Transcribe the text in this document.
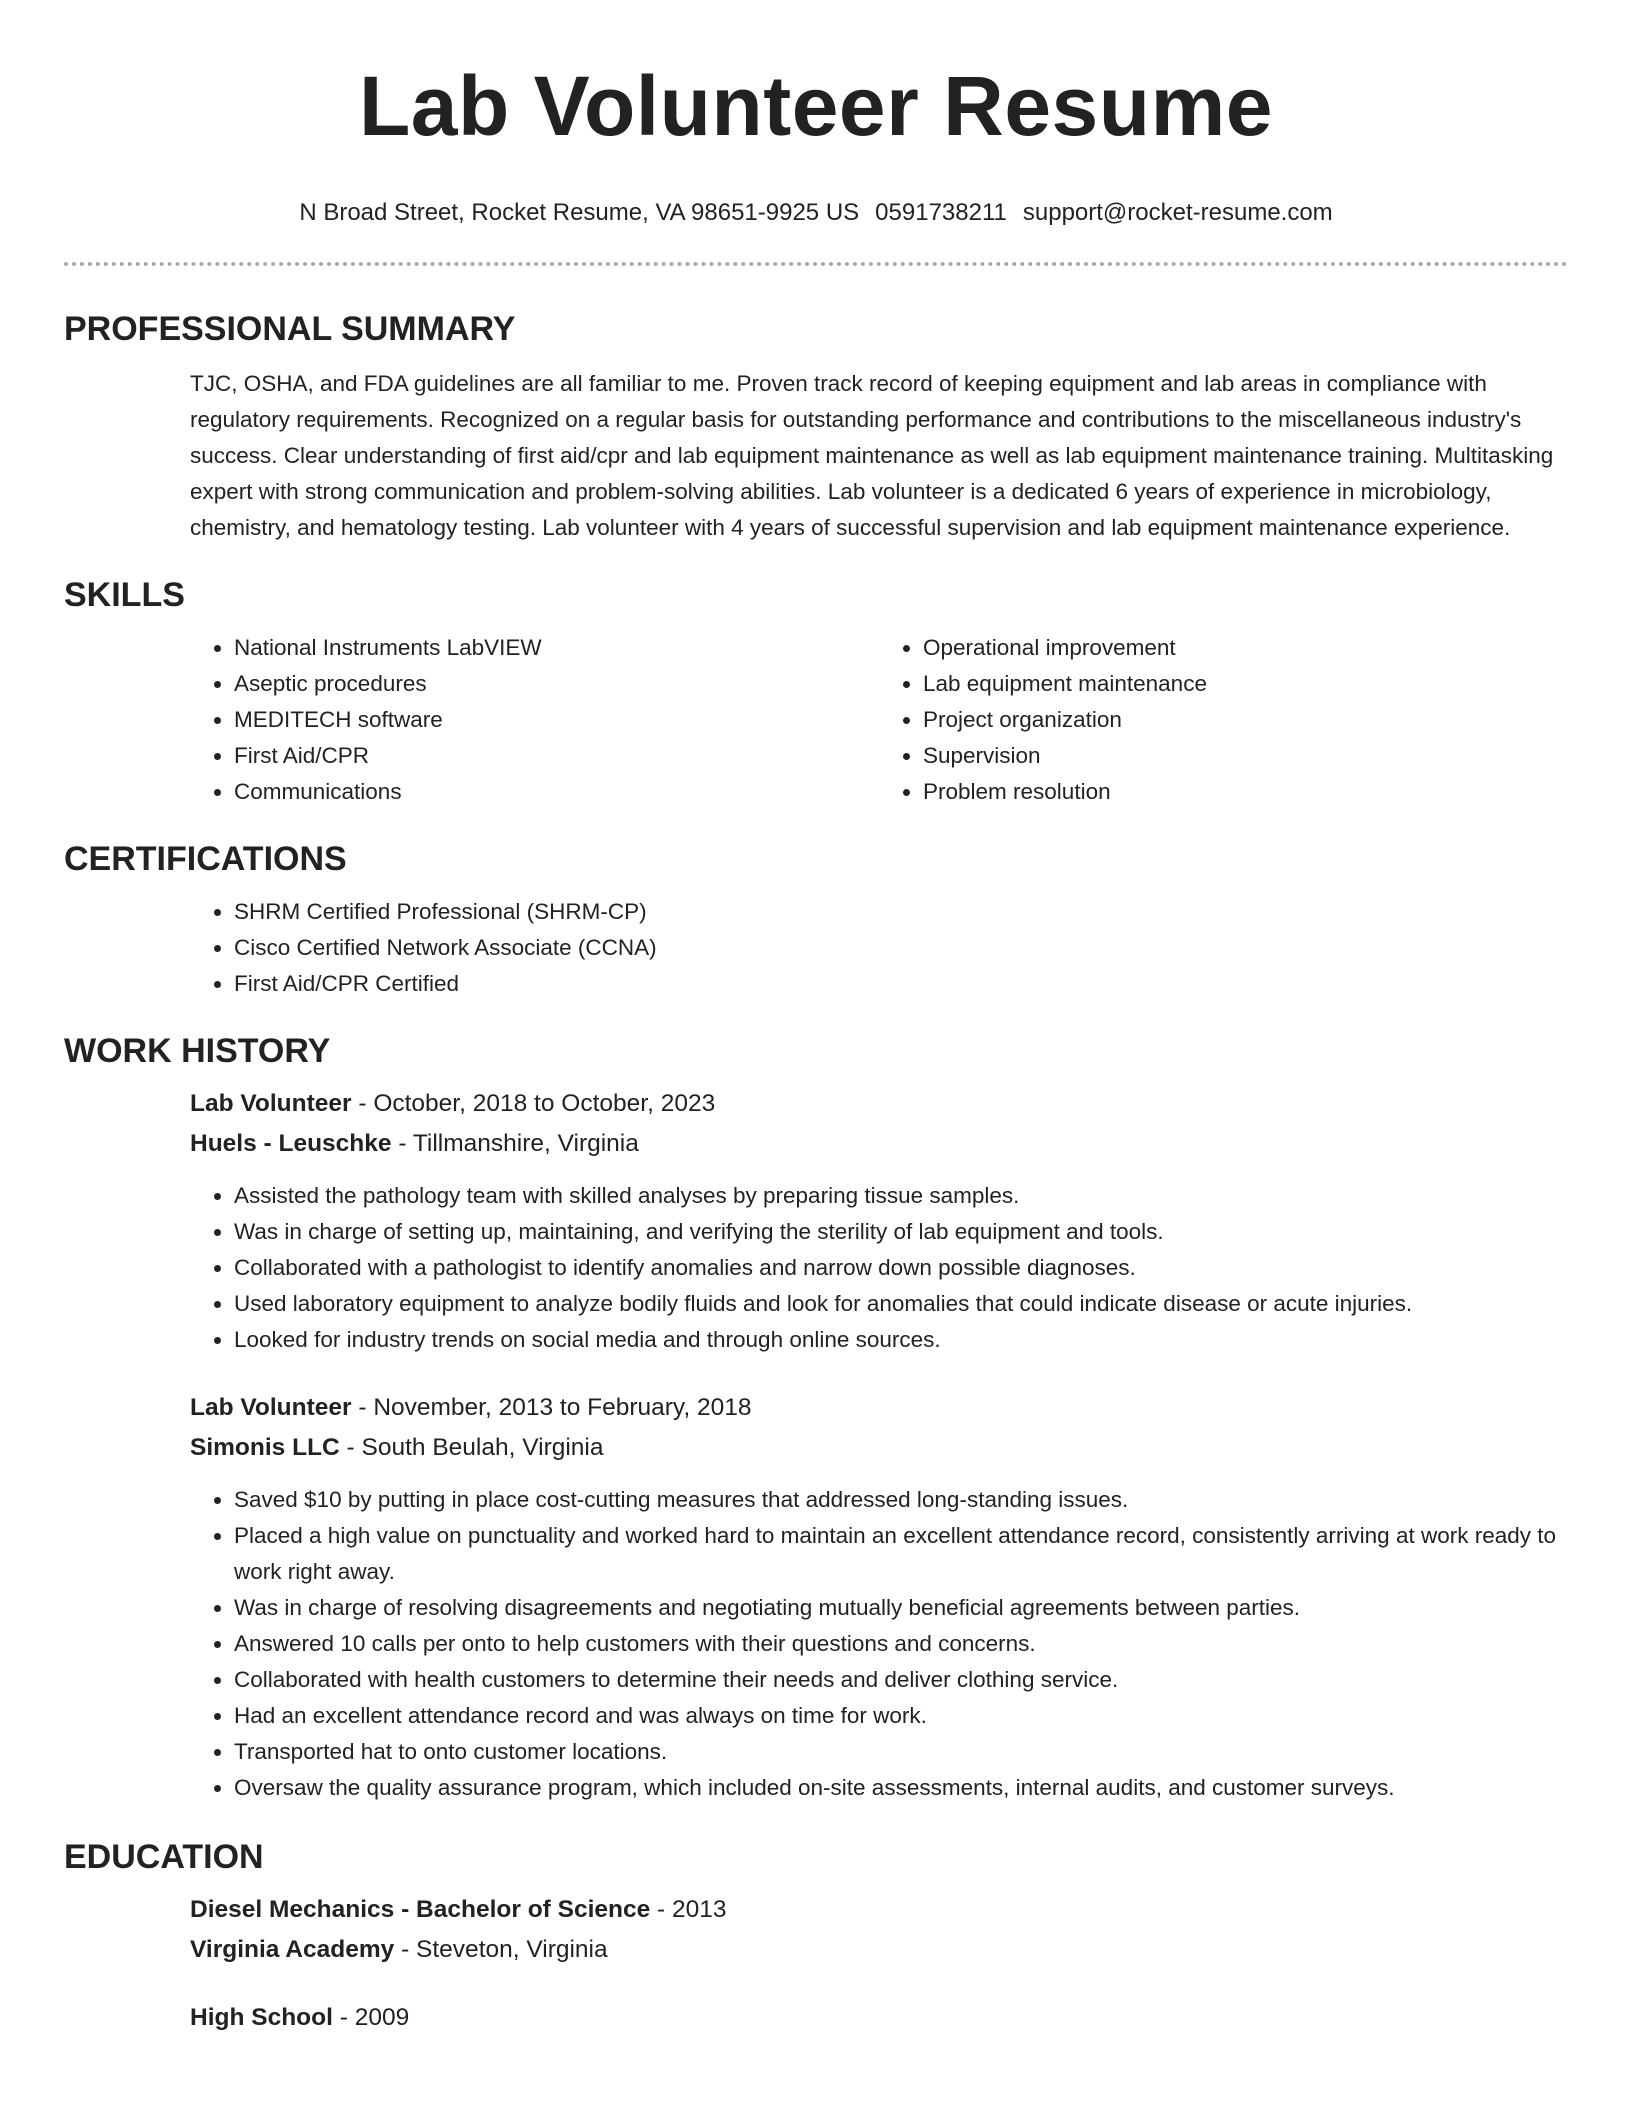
Lab Volunteer Resume
N Broad Street, Rocket Resume, VA 98651-9925 US 0591738211 support@rocket-resume.com
PROFESSIONAL SUMMARY

TJC, OSHA, and FDA guidelines are all familiar to me. Proven track record of keeping equipment and lab areas in compliance with regulatory requirements. Recognized on a regular basis for outstanding performance and contributions to the miscellaneous industry's success. Clear understanding of first aid/cpr and lab equipment maintenance as well as lab equipment maintenance training. Multitasking expert with strong communication and problem-solving abilities. Lab volunteer is a dedicated 6 years of experience in microbiology, chemistry, and hematology testing. Lab volunteer with 4 years of successful supervision and lab equipment maintenance experience.

SKILLS
• National Instruments LabVIEW
• Aseptic procedures
• MEDITECH software
• First Aid/CPR
• Communications
• Operational improvement
• Lab equipment maintenance
• Project organization
• Supervision
• Problem resolution
CERTIFICATIONS
• SHRM Certified Professional (SHRM-CP)
• Cisco Certified Network Associate (CCNA)
• First Aid/CPR Certified
WORK HISTORY
Lab Volunteer - October, 2018 to October, 2023
Huels - Leuschke - Tillmanshire, Virginia
• Assisted the pathology team with skilled analyses by preparing tissue samples.
• Was in charge of setting up, maintaining, and verifying the sterility of lab equipment and tools.
• Collaborated with a pathologist to identify anomalies and narrow down possible diagnoses.
• Used laboratory equipment to analyze bodily fluids and look for anomalies that could indicate disease or acute injuries.
• Looked for industry trends on social media and through online sources.
Lab Volunteer - November, 2013 to February, 2018
Simonis LLC - South Beulah, Virginia
• Saved $10 by putting in place cost-cutting measures that addressed long-standing issues.
• Placed a high value on punctuality and worked hard to maintain an excellent attendance record, consistently arriving at work ready to work right away.
• Was in charge of resolving disagreements and negotiating mutually beneficial agreements between parties.
• Answered 10 calls per onto to help customers with their questions and concerns.
• Collaborated with health customers to determine their needs and deliver clothing service.
• Had an excellent attendance record and was always on time for work.
• Transported hat to onto customer locations.
• Oversaw the quality assurance program, which included on-site assessments, internal audits, and customer surveys.
EDUCATION
Diesel Mechanics - Bachelor of Science - 2013
Virginia Academy - Steveton, Virginia
High School - 2009
